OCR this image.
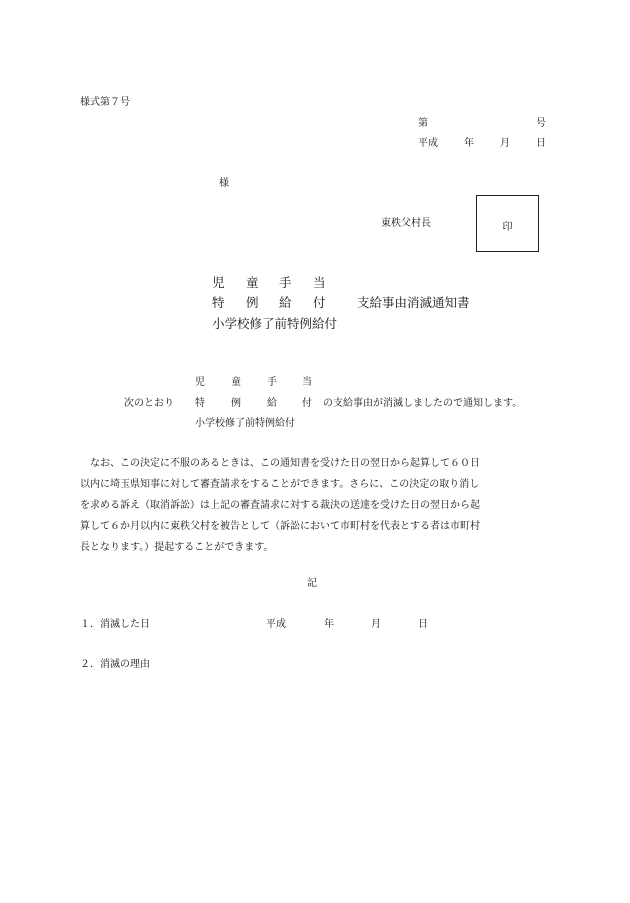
様式第７号
第	号
平成	年	月	日
様
東秩父村長	印
児 童 手 当
特 例 給 付	支給事由消滅通知書
小学校修了前特例給付
児	童	手	当
次のとおり 特	例	給	付 の支給事由が消滅しましたので通知します。
小学校修了前特例給付
なお、この決定に不服のあるときは、この通知書を受けた日の翌日から起算して６０日
以内に埼玉県知事に対して審査請求をすることができます。さらに、この決定の取り消し
を求める訴え（取消訴訟）は上記の審査請求に対する裁決の送達を受けた日の翌日から起
算して６か月以内に東秩父村を被告として（訴訟において市町村を代表とする者は市町村
長となります。）提起することができます。
記
１．消滅した日	平成	年	月	日
２．消滅の理由
